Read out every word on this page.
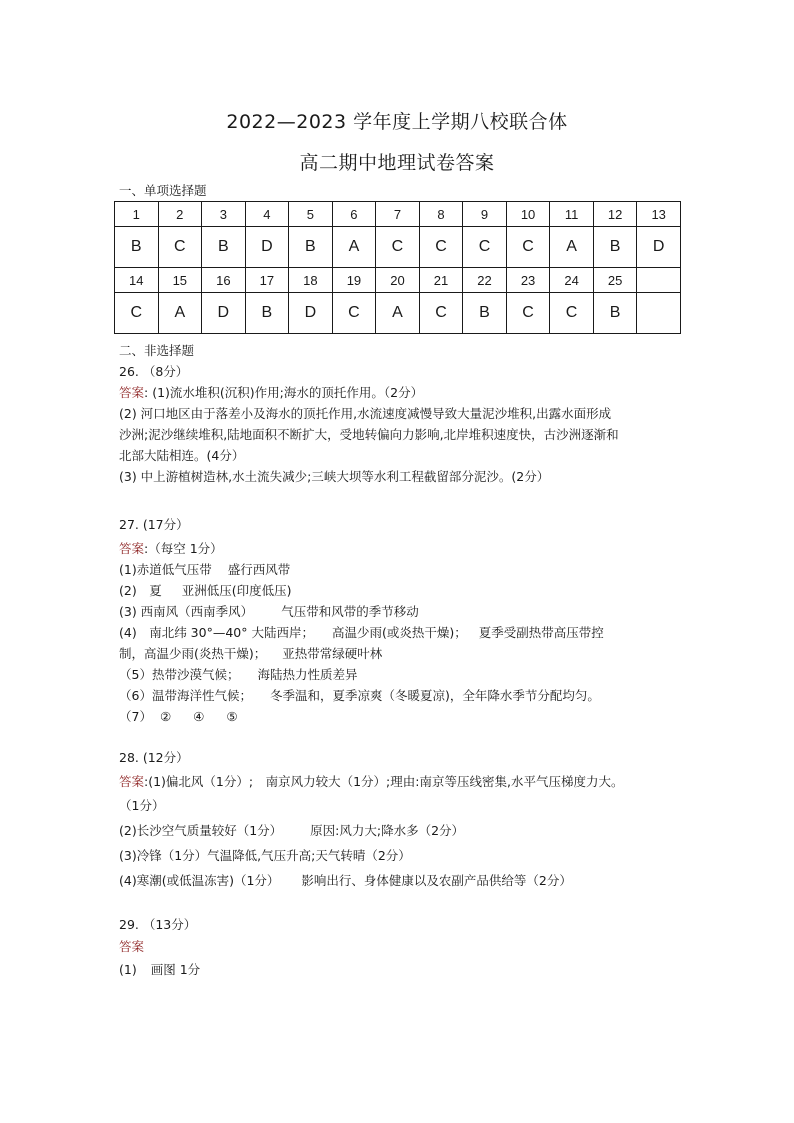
2022—2023 学年度上学期八校联合体
高二期中地理试卷答案
一、单项选择题
1	2	3	4	5	6	7	8	9	10	11	12	13
B	C	B	D	B	A	C	C	C	C	A	B	D
14	15	16	17	18	19	20	21	22	23	24	25	
C	A	D	B	D	C	A	C	B	C	C	B	
二、非选择题
26. （8分）
答案: (1)流水堆积(沉积)作用;海水的顶托作用。（2分）
(2) 河口地区由于落差小及海水的顶托作用,水流速度减慢导致大量泥沙堆积,出露水面形成
沙洲;泥沙继续堆积,陆地面积不断扩大，受地转偏向力影响,北岸堆积速度快，古沙洲逐渐和
北部大陆相连。(4分）
(3) 中上游植树造林,水土流失减少;三峡大坝等水利工程截留部分泥沙。(2分）
27. (17分）
答案:（每空 1分）
(1)赤道低气压带 盛行西风带
(2)　夏 亚洲低压(印度低压)
(3) 西南风（西南季风） 气压带和风带的季节移动
(4)　南北纬 30°—40° 大陆西岸； 高温少雨(或炎热干燥)； 夏季受副热带高压带控
制，高温少雨(炎热干燥)； 亚热带常绿硬叶林
（5）热带沙漠气候； 海陆热力性质差异
（6）温带海洋性气候； 冬季温和，夏季凉爽（冬暖夏凉)，全年降水季节分配均匀。
（7） ② ④ ⑤
28. (12分）
答案:(1)偏北风（1分）;　南京风力较大（1分）;理由:南京等压线密集,水平气压梯度力大。
（1分）
(2)长沙空气质量较好（1分） 原因:风力大;降水多（2分）
(3)冷锋（1分）气温降低,气压升高;天气转晴（2分）
(4)寒潮(或低温冻害)（1分） 影响出行、身体健康以及农副产品供给等（2分）
29. （13分）
答案
(1) 画图 1分
